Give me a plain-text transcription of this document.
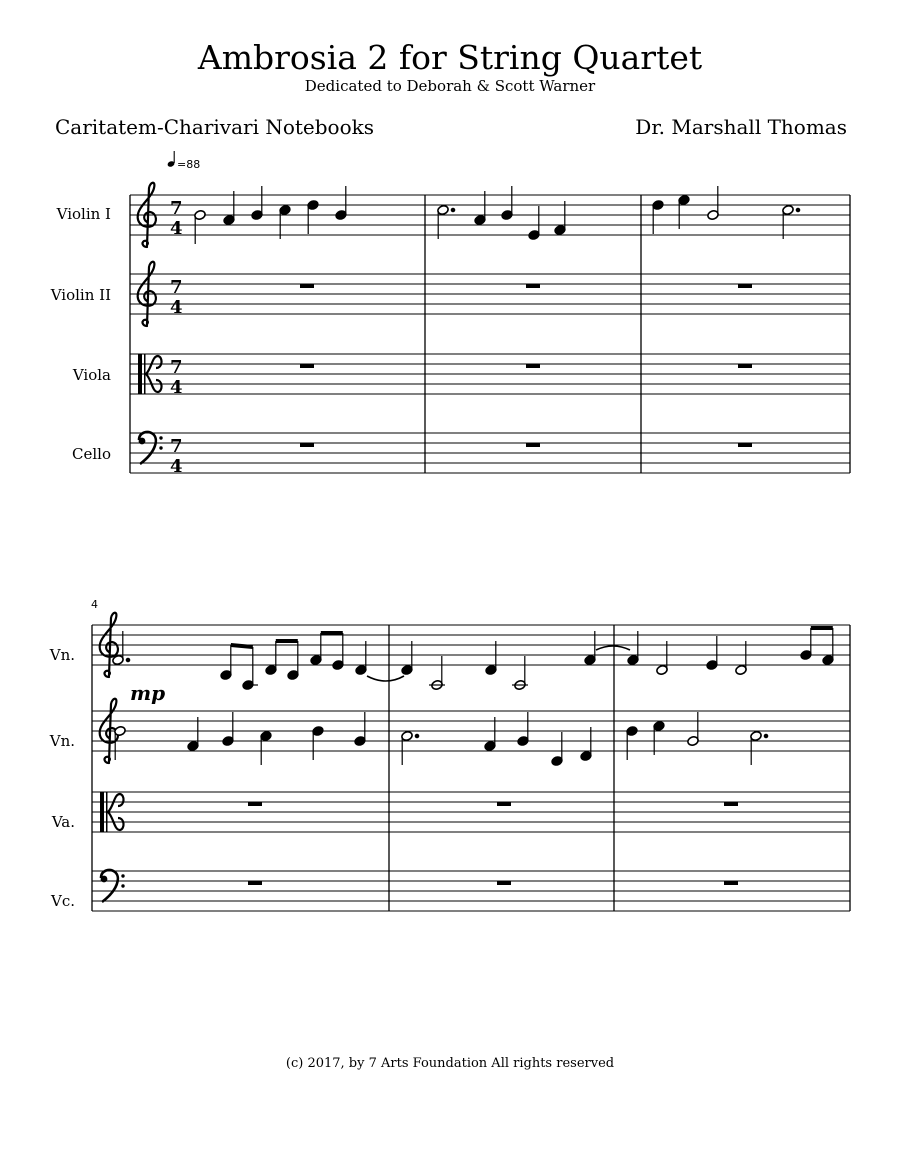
Ambrosia 2 for String Quartet
Dedicated to Deborah & Scott Warner
Caritatem-Charivari Notebooks	Dr. Marshall Thomas
=88
Violin I
Violin II
Viola
Cello
7
4
7
4
7
4
7
4
4
Vn.
Vn.
Va.
Vc.
mp
(c) 2017, by 7 Arts Foundation All rights reserved
